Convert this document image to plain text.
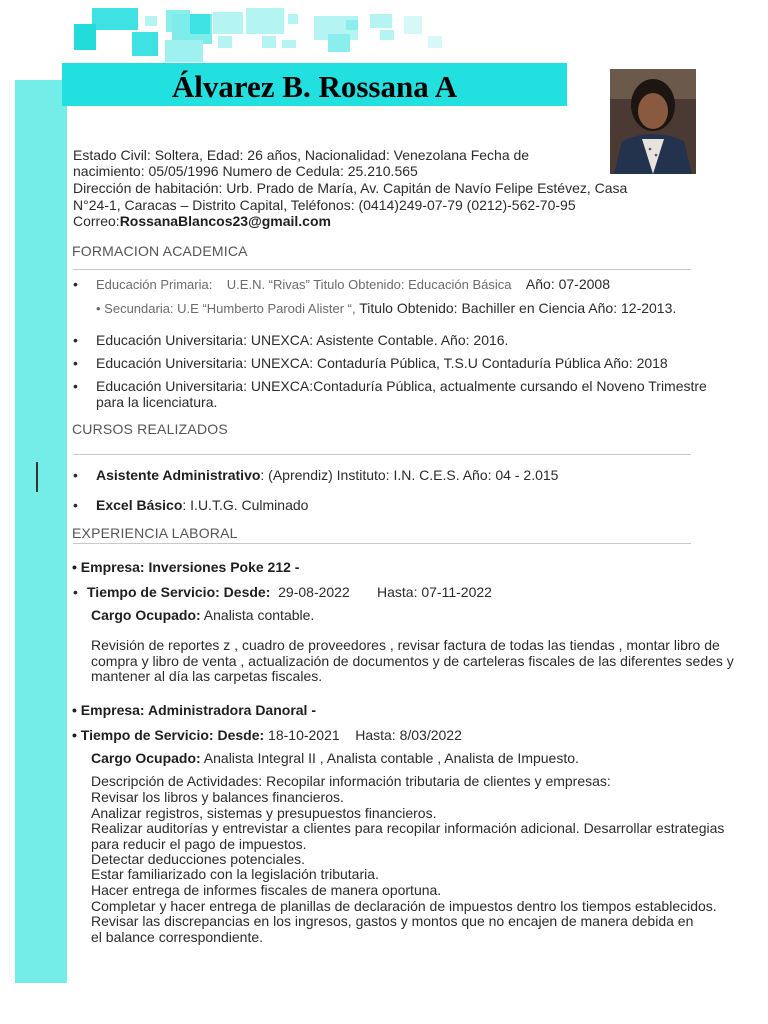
Álvarez B. Rossana A
Estado Civil: Soltera, Edad: 26 años, Nacionalidad: Venezolana Fecha de
nacimiento: 05/05/1996 Numero de Cedula: 25.210.565
Dirección de habitación: Urb. Prado de María, Av. Capitán de Navío Felipe Estévez, Casa
N°24-1, Caracas – Distrito Capital, Teléfonos: (0414)249-07-79 (0212)-562-70-95
Correo:RossanaBlancos23@gmail.com
FORMACION ACADEMICA
• Educación Primaria: U.E.N. “Rivas” Titulo Obtenido: Educación Básica Año: 07-2008
• Secundaria: U.E “Humberto Parodi Alister “, Titulo Obtenido: Bachiller en Ciencia Año: 12-2013.
• Educación Universitaria: UNEXCA: Asistente Contable. Año: 2016.
• Educación Universitaria: UNEXCA: Contaduría Pública, T.S.U Contaduría Pública Año: 2018
• Educación Universitaria: UNEXCA:Contaduría Pública, actualmente cursando el Noveno Trimestre
para la licenciatura.
CURSOS REALIZADOS
• Asistente Administrativo: (Aprendiz) Instituto: I.N. C.E.S. Año: 04 - 2.015
• Excel Básico: I.U.T.G. Culminado
EXPERIENCIA LABORAL
• Empresa: Inversiones Poke 212 -
• Tiempo de Servicio: Desde: 29-08-2022 Hasta: 07-11-2022
Cargo Ocupado: Analista contable.
Revisión de reportes z , cuadro de proveedores , revisar factura de todas las tiendas , montar libro de
compra y libro de venta , actualización de documentos y de carteleras fiscales de las diferentes sedes y
mantener al día las carpetas fiscales.
• Empresa: Administradora Danoral -
• Tiempo de Servicio: Desde: 18-10-2021 Hasta: 8/03/2022
Cargo Ocupado: Analista Integral II , Analista contable , Analista de Impuesto.
Descripción de Actividades: Recopilar información tributaria de clientes y empresas:
Revisar los libros y balances financieros.
Analizar registros, sistemas y presupuestos financieros.
Realizar auditorías y entrevistar a clientes para recopilar información adicional. Desarrollar estrategias
para reducir el pago de impuestos.
Detectar deducciones potenciales.
Estar familiarizado con la legislación tributaria.
Hacer entrega de informes fiscales de manera oportuna.
Completar y hacer entrega de planillas de declaración de impuestos dentro los tiempos establecidos.
Revisar las discrepancias en los ingresos, gastos y montos que no encajen de manera debida en
el balance correspondiente.
